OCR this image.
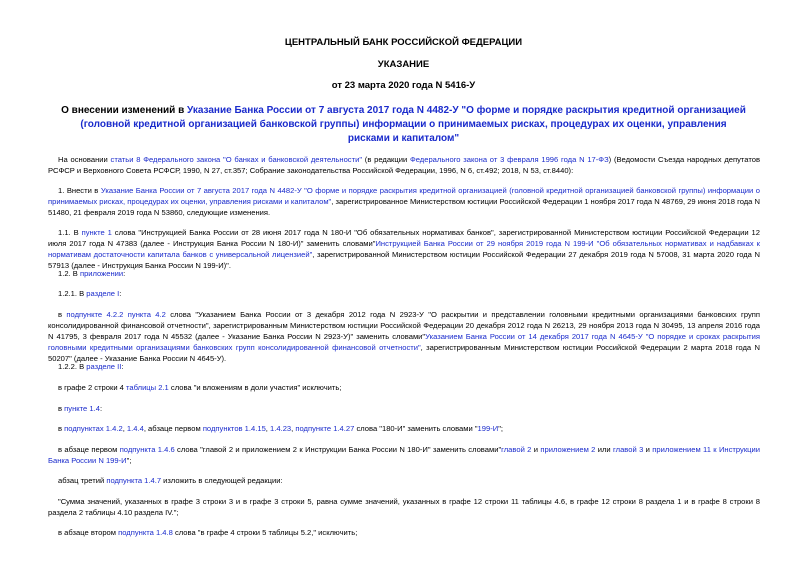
ЦЕНТРАЛЬНЫЙ БАНК РОССИЙСКОЙ ФЕДЕРАЦИИ
УКАЗАНИЕ
от 23 марта 2020 года N 5416-У
О внесении изменений в Указание Банка России от 7 августа 2017 года N 4482-У "О форме и порядке раскрытия кредитной организацией (головной кредитной организацией банковской группы) информации о принимаемых рисках, процедурах их оценки, управления рисками и капиталом"

На основании статьи 8 Федерального закона "О банках и банковской деятельности" (в редакции Федерального закона от 3 февраля 1996 года N 17-ФЗ) (Ведомости Съезда народных депутатов РСФСР и Верховного Совета РСФСР, 1990, N 27, ст.357; Собрание законодательства Российской Федерации, 1996, N 6, ст.492; 2018, N 53, ст.8440):

1. Внести в Указание Банка России от 7 августа 2017 года N 4482-У "О форме и порядке раскрытия кредитной организацией (головной кредитной организацией банковской группы) информации о принимаемых рисках, процедурах их оценки, управления рисками и капиталом", зарегистрированное Министерством юстиции Российской Федерации 1 ноября 2017 года N 48769, 29 июня 2018 года N 51480, 21 февраля 2019 года N 53860, следующие изменения.

1.1. В пункте 1 слова "Инструкцией Банка России от 28 июня 2017 года N 180-И "Об обязательных нормативах банков", зарегистрированной Министерством юстиции Российской Федерации 12 июля 2017 года N 47383 (далее - Инструкция Банка России N 180-И)" заменить словами"Инструкцией Банка России от 29 ноября 2019 года N 199-И "Об обязательных нормативах и надбавках к нормативам достаточности капитала банков с универсальной лицензией", зарегистрированной Министерством юстиции Российской Федерации 27 декабря 2019 года N 57008, 31 марта 2020 года N 57913 (далее - Инструкция Банка России N 199-И)".

1.2. В приложении:

1.2.1. В разделе I:

в подпункте 4.2.2 пункта 4.2 слова "Указанием Банка России от 3 декабря 2012 года N 2923-У "О раскрытии и представлении головными кредитными организациями банковских групп консолидированной финансовой отчетности", зарегистрированным Министерством юстиции Российской Федерации 20 декабря 2012 года N 26213, 29 ноября 2013 года N 30495, 13 апреля 2016 года N 41795, 3 февраля 2017 года N 45532 (далее - Указание Банка России N 2923-У)" заменить словами"Указанием Банка России от 14 декабря 2017 года N 4645-У "О порядке и сроках раскрытия головными кредитными организациями банковских групп консолидированной финансовой отчетности", зарегистрированным Министерством юстиции Российской Федерации 2 марта 2018 года N 50207" (далее - Указание Банка России N 4645-У).

1.2.2. В разделе II:

в графе 2 строки 4 таблицы 2.1 слова "и вложениям в доли участия" исключить;

в пункте 1.4:

в подпунктах 1.4.2, 1.4.4, абзаце первом подпунктов 1.4.15, 1.4.23, подпункте 1.4.27 слова "180-И" заменить словами "199-И";

в абзаце первом подпункта 1.4.6 слова "главой 2 и приложением 2 к Инструкции Банка России N 180-И" заменить словами"главой 2 и приложением 2 или главой 3 и приложением 11 к Инструкции Банка России N 199-И";

абзац третий подпункта 1.4.7 изложить в следующей редакции:

"Сумма значений, указанных в графе 3 строки 3 и в графе 3 строки 5, равна сумме значений, указанных в графе 12 строки 11 таблицы 4.6, в графе 12 строки 8 раздела 1 и в графе 8 строки 8 раздела 2 таблицы 4.10 раздела IV.";

в абзаце втором подпункта 1.4.8 слова "в графе 4 строки 5 таблицы 5.2," исключить;
